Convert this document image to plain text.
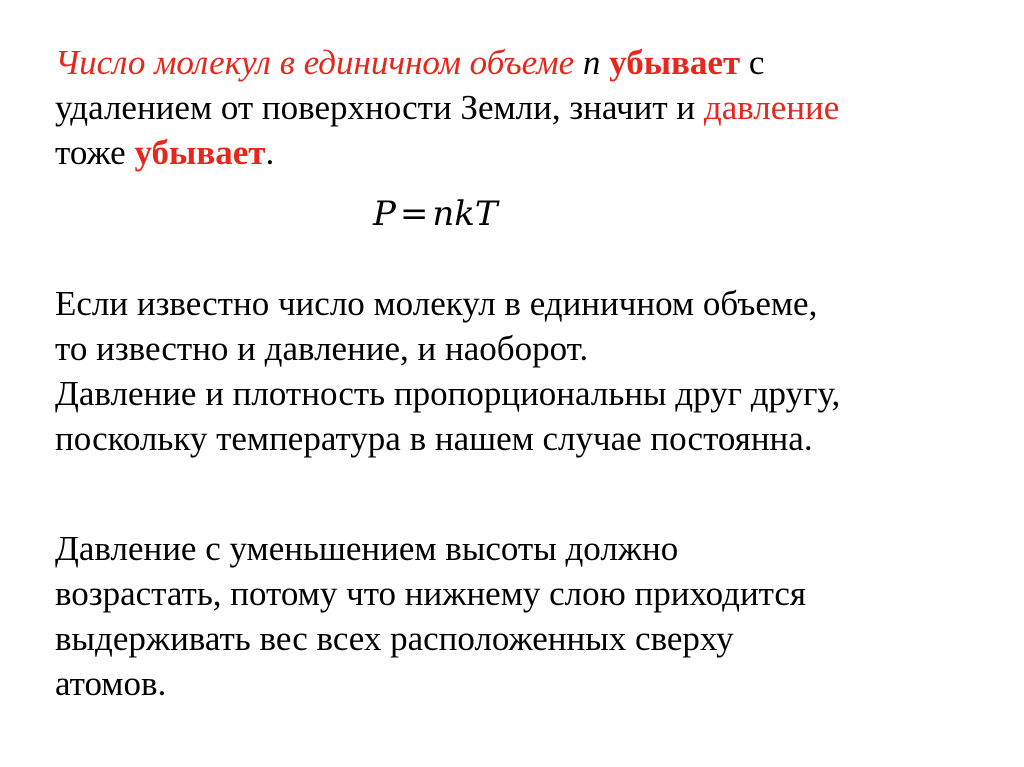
Число молекул в единичном объеме n убывает с
удалением от поверхности Земли, значит и давление
тоже убывает.
P = nkT
Если известно число молекул в единичном объеме,
то известно и давление, и наоборот.
Давление и плотность пропорциональны друг другу,
поскольку температура в нашем случае постоянна.
Давление с уменьшением высоты должно
возрастать, потому что нижнему слою приходится
выдерживать вес всех расположенных сверху
атомов.
